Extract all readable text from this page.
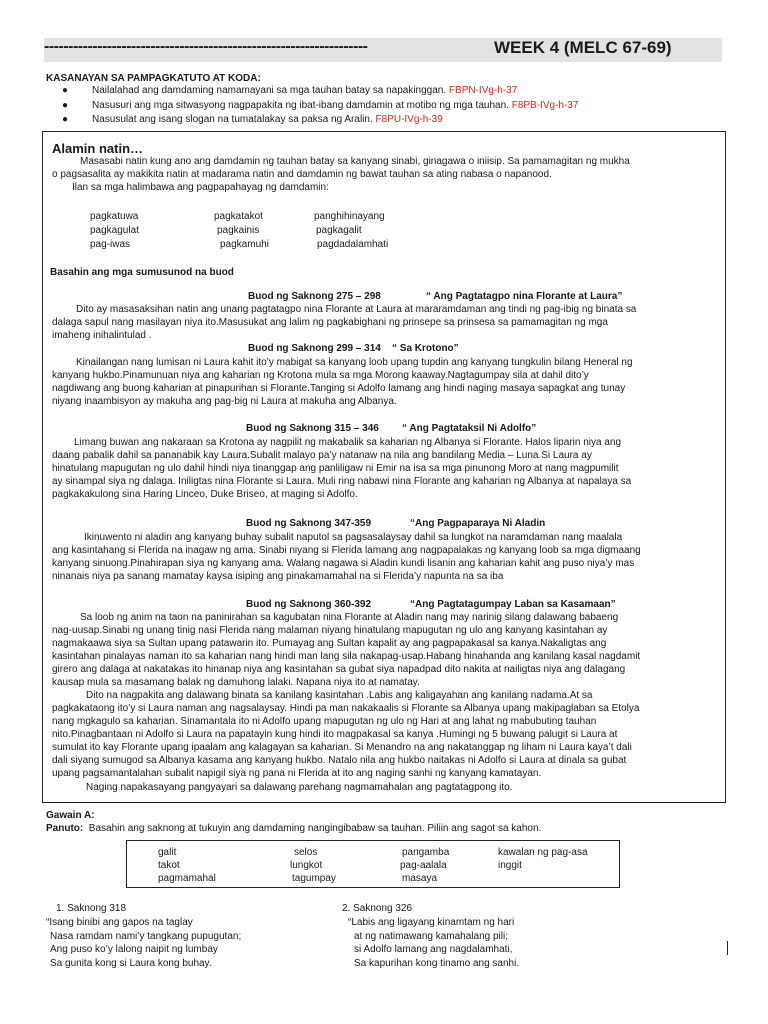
-------------------------------------------------------------------	WEEK 4 (MELC 67-69)
KASANAYAN SA PAMPAGKATUTO AT KODA:
● Nailalahad ang damdaming namamayani sa mga tauhan batay sa napakinggan. FBPN-IVg-h-37
● Nasusuri ang mga sitwasyong nagpapakita ng ibat-ibang damdamin at motibo ng mga tauhan. F8PB-IVg-h-37
● Nasusulat ang isang slogan na tumatalakay sa paksa ng Aralin. F8PU-IVg-h-39
Alamin natin…
Masasabi natin kung ano ang damdamin ng tauhan batay sa kanyang sinabi, ginagawa o iniisip. Sa pamamagitan ng mukha
o pagsasalita ay makikita natin at madarama natin and damdamin ng bawat tauhan sa ating nabasa o napanood.
Ilan sa mga halimbawa ang pagpapahayag ng damdamin:
pagkatuwa	pagkatakot	panghihinayang
pagkagulat	pagkainis	pagkagalit
pag-iwas	pagkamuhi	pagdadalamhati
Basahin ang mga sumusunod na buod
Buod ng Saknong 275 – 298	“ Ang Pagtatagpo nina Florante at Laura”
Dito ay masasaksihan natin ang unang pagtatagpo nina Florante at Laura at mararamdaman ang tindi ng pag-ibig ng binata sa
dalaga sapul nang masilayan niya ito.Masusukat ang lalim ng pagkabighani ng prinsepe sa prinsesa sa pamamagitan ng mga
imaheng inihalintulad .
Buod ng Saknong 299 – 314 “ Sa Krotono”
Kinailangan nang lumisan ni Laura kahit ito’y mabigat sa kanyang loob upang tupdin ang kanyang tungkulin bilang Heneral ng
kanyang hukbo.Pinamunuan niya ang kaharian ng Krotona mula sa mga Morong kaaway.Nagtagumpay sila at dahil dito’y
nagdiwang ang buong kaharian at pinapurihan si Florante.Tanging si Adolfo lamang ang hindi naging masaya sapagkat ang tunay
niyang inaambisyon ay makuha ang pag-big ni Laura at makuha ang Albanya.
Buod ng Saknong 315 – 346 “ Ang Pagtataksil Ni Adolfo”
Limang buwan ang nakaraan sa Krotona ay nagpilit ng makabalik sa kaharian ng Albanya si Florante. Halos liparin niya ang
daang pabalik dahil sa pananabik kay Laura.Subalit malayo pa’y natanaw na nila ang bandilang Media – Luna.Si Laura ay
hinatulang mapugutan ng ulo dahil hindi niya tinanggap ang panliligaw ni Emir na isa sa mga pinunong Moro at nang magpumilit
ay sinampal siya ng dalaga. Iniligtas nina Florante si Laura. Muli ring nabawi nina Florante ang kaharian ng Albanya at napalaya sa
pagkakakulong sina Haring Linceo, Duke Briseo, at maging si Adolfo.
Buod ng Saknong 347-359	“Ang Pagpaparaya Ni Aladin
Ikinuwento ni aladin ang kanyang buhay subalit naputol sa pagsasalaysay dahil sa lungkot na naramdaman nang maalala
ang kasintahang si Flerida na inagaw ng ama. Sinabi niyang si Flerida lamang ang nagpapalakas ng kanyang loob sa mga digmaang
kanyang sinuong.Pinahirapan siya ng kanyang ama. Walang nagawa si Aladin kundi lisanin ang kaharian kahit ang puso niya’y mas
ninanais niya pa sanang mamatay kaysa isiping ang pinakamamahal na si Flerida’y napunta na sa iba
Buod ng Saknong 360-392	“Ang Pagtatagumpay Laban sa Kasamaan”
Sa loob ng anim na taon na paninirahan sa kagubatan nina Florante at Aladin nang may narinig silang dalawang babaeng
nag-uusap.Sinabi ng unang tinig nasi Flerida nang malaman niyang hinatulang mapugutan ng ulo ang kanyang kasintahan ay
nagmakaawa siya sa Sultan upang patawarin ito. Pumayag ang Sultan kapalit ay ang pagpapakasal sa kanya.Nakaligtas ang
kasintahan pinalayas naman ito sa kaharian nang hindi man lang sila nakapag-usap.Habang hinahanda ang kanilang kasal nagdamit
girero ang dalaga at nakatakas ito hinanap niya ang kasintahan sa gubat siya napadpad dito nakita at nailigtas niya ang dalagang
kausap mula sa masamang balak ng damuhong lalaki. Napana niya ito at namatay.
Dito na nagpakita ang dalawang binata sa kanilang kasintahan .Labis ang kaligayahan ang kanilang nadama.At sa
pagkakataong ito’y si Laura naman ang nagsalaysay. Hindi pa man nakakaalis si Florante sa Albanya upang makipaglaban sa Etolya
nang mgkagulo sa kaharian. Sinamantala ito ni Adolfo upang mapugutan ng ulo ng Hari at ang lahat ng mabubuting tauhan
nito.Pinagbantaan ni Adolfo si Laura na papatayin kung hindi ito magpakasal sa kanya .Humingi ng 5 buwang palugit si Laura at
sumulat ito kay Florante upang ipaalam ang kalagayan sa kaharian. Si Menandro na ang nakatanggap ng liham ni Laura kaya’t dali
dali siyang sumugod sa Albanya kasama ang kanyang hukbo. Natalo nila ang hukbo naitakas ni Adolfo si Laura at dinala sa gubat
upang pagsamantalahan subalit napigil siya ng pana ni Flerida at ito ang naging sanhi ng kanyang kamatayan.
Naging napakasayang pangyayari sa dalawang parehang nagmamahalan ang pagtatagpong ito.
Gawain A:
Panuto: Basahin ang saknong at tukuyin ang damdaming nangingibabaw sa tauhan. Piliin ang sagot sa kahon.
galit	selos	pangamba	kawalan ng pag-asa
takot	lungkot	pag-aalala	inggit
pagmamahal	tagumpay	masaya
1. Saknong 318
“Isang binibi ang gapos na taglay
Nasa ramdam nami’y tangkang pupugutan;
Ang puso ko’y lalong naipit ng lumbay
Sa gunita kong si Laura kong buhay.
2. Saknong 326
“Labis ang ligayang kinamtam ng hari
at ng natimawang kamahalang pili;
si Adolfo lamang ang nagdalamhati,
Sa kapurihan kong tinamo ang sanhi.
